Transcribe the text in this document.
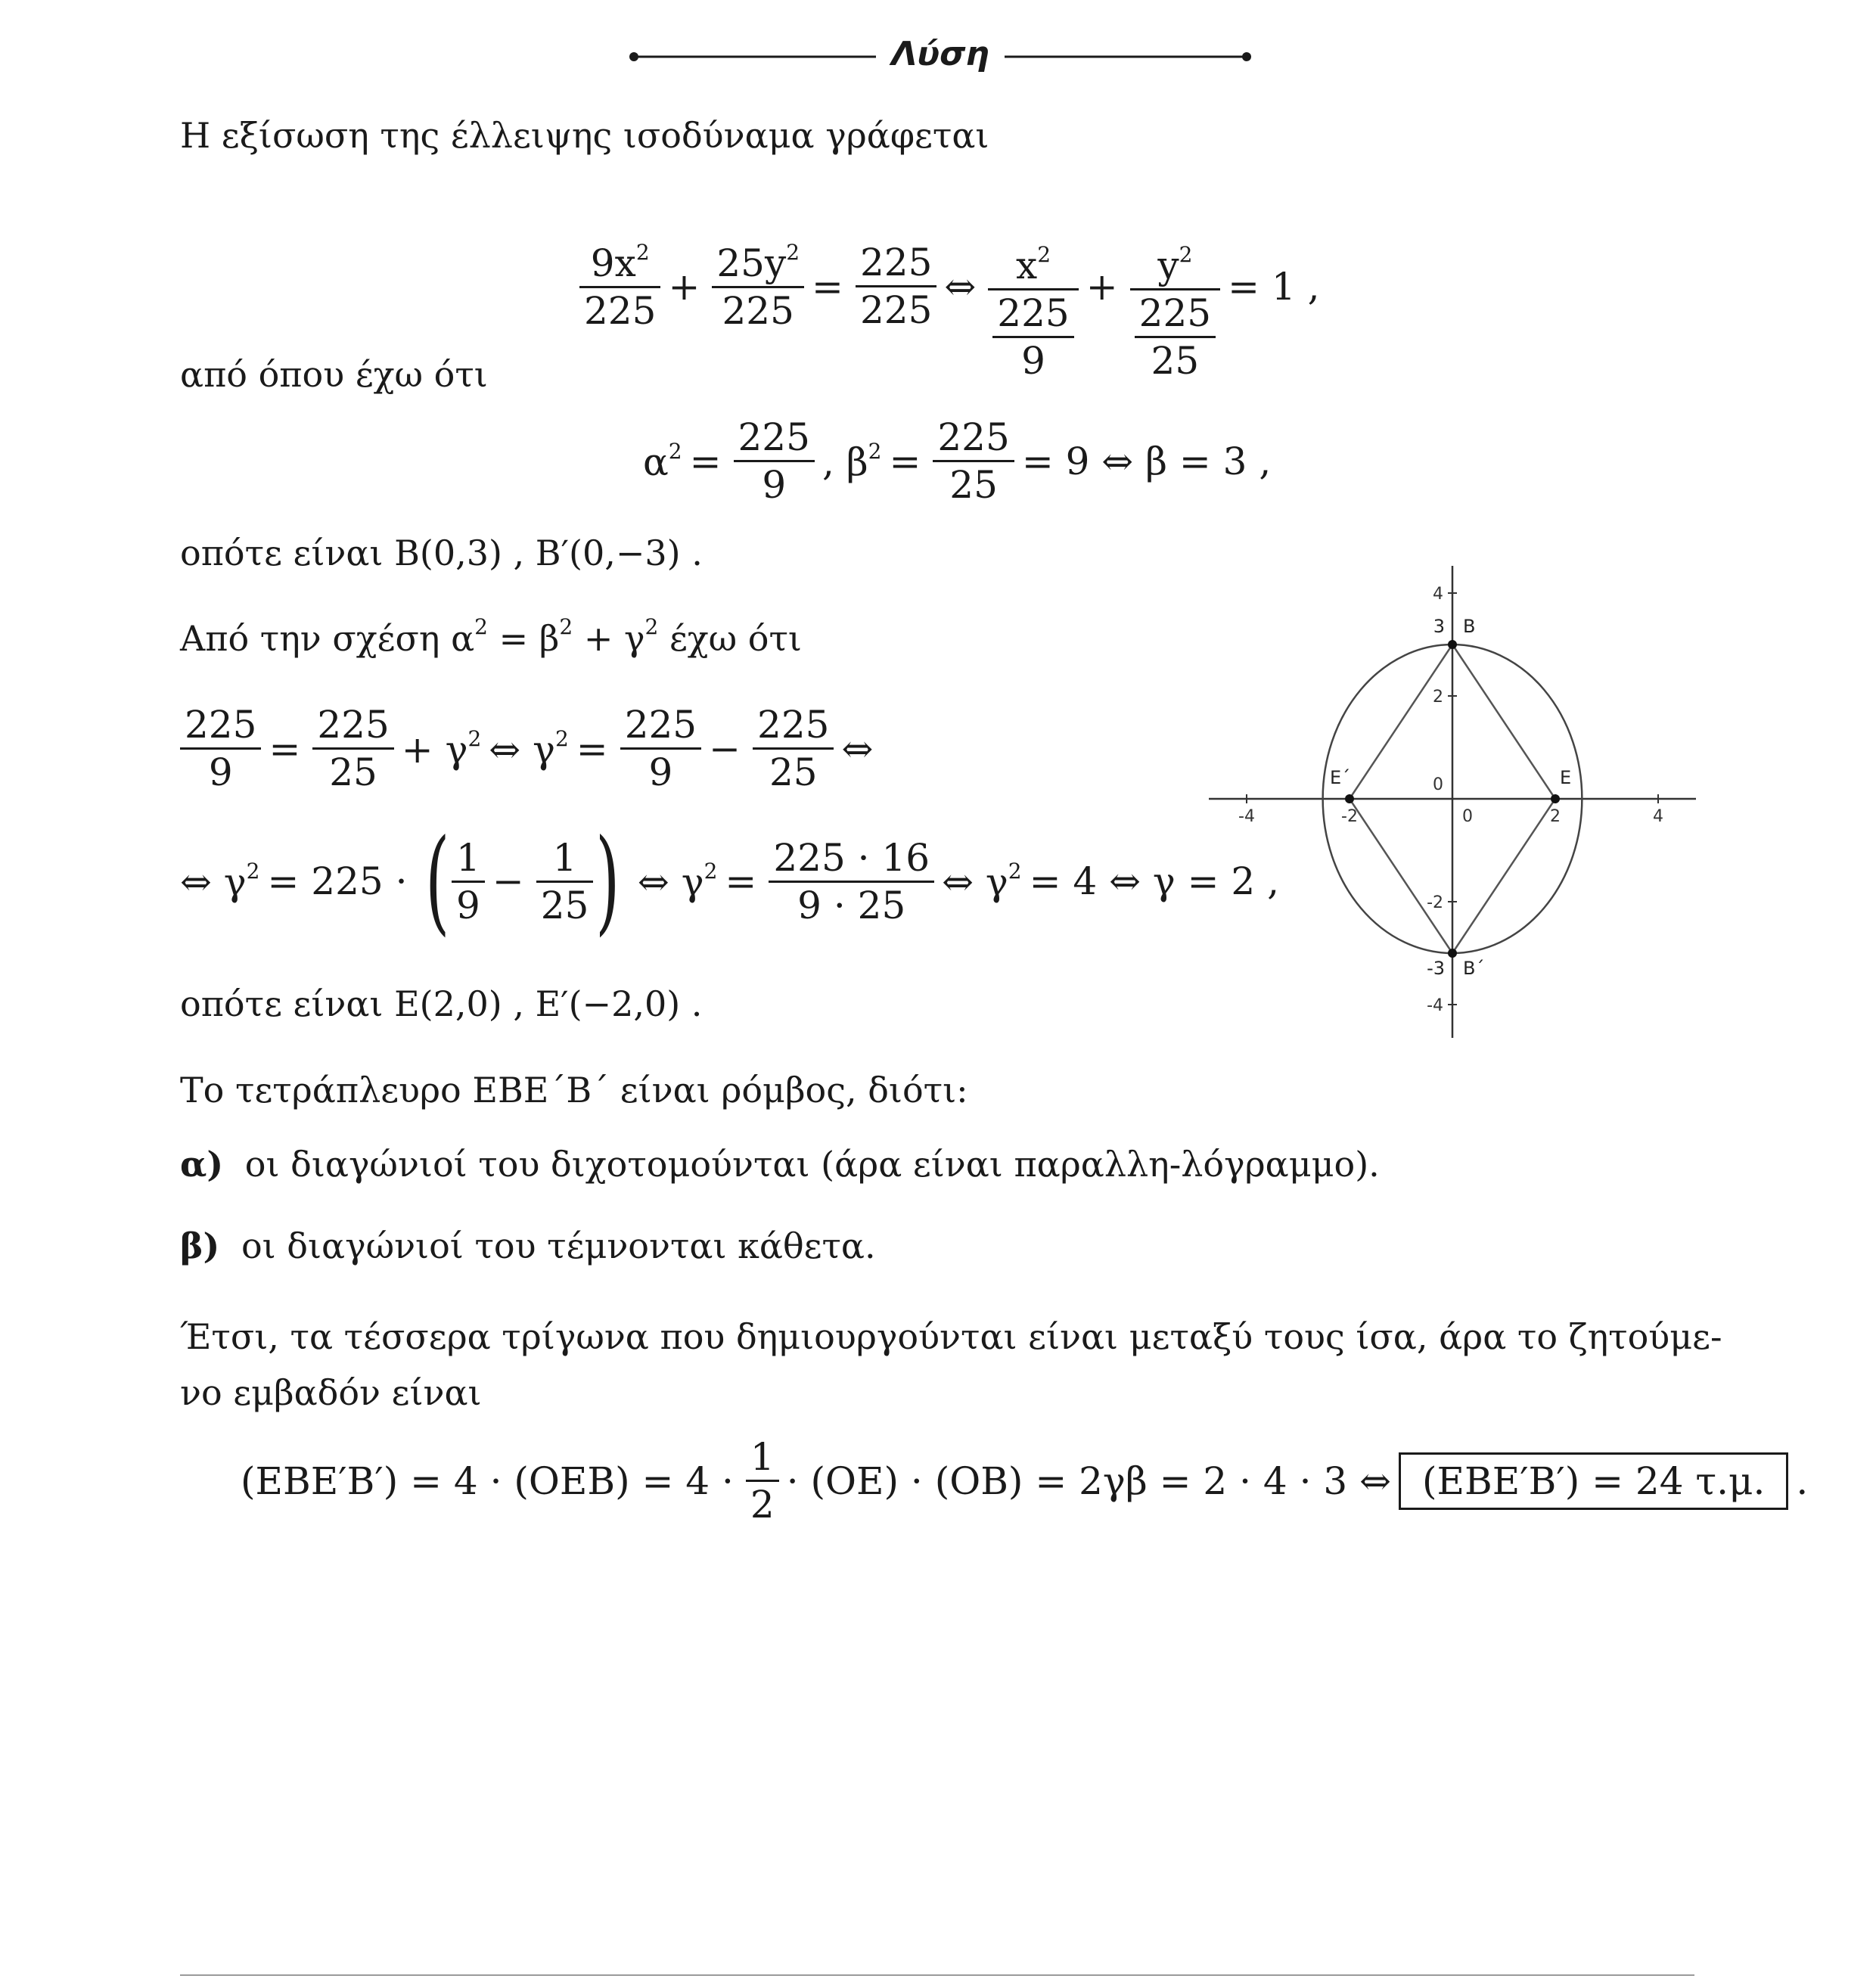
Λύση
Η εξίσωση της έλλειψης ισοδύναμα γράφεται
$\frac{9x^2}{225} + \frac{25y^2}{225} = \frac{225}{225}$ ⇔ $x^2$
225
$9 + y^2$
225
25 = 1 ,
από όπου έχω ότι
$\alpha^2 = \frac{225}{9}$ , $\beta^2 = \frac{225}{25} = 9$ ⇔ β = 3 ,
οπότε είναι B(0,3) , B′(0,−3) .
Από την σχέση $\alpha^2 = \beta^2 + \gamma^2$ έχω ότι
$\frac{225}{9} = \frac{225}{25} + \gamma^2$ ⇔ $\gamma^2 = \frac{225}{9} - \frac{225}{25}$ ⇔
⇔ $\gamma^2 = 225$ · ( $\frac{1}{9} - \frac{1}{25}$ ) ⇔ $\gamma^2 = \frac{225 \cdot 16}{9 \cdot 25}$ ⇔ $\gamma^2 = 4$ ⇔ γ = 2 ,
οπότε είναι E(2,0) , E′(−2,0) .
Το τετράπλευρο ΕΒΕ΄Β΄ είναι ρόμβος, διότι:
α) οι διαγώνιοί του διχοτομούνται (άρα είναι παραλλη-λόγραμμο).
β) οι διαγώνιοί του τέμνονται κάθετα.
Έτσι, τα τέσσερα τρίγωνα που δημιουργούνται είναι μεταξύ τους ίσα, άρα το ζητούμε-
νο εμβαδόν είναι
$(EBE'B') = 4 \cdot (OEB) = 4 \cdot \frac{1}{2} \cdot (OE) \cdot (OB) = 2\gamma\beta = 2 \cdot 4 \cdot 3$ ⇔ (EBE′B′) = 24 τ.μ. .
-4	-2	0	2	4
4
2
0
-2
-4
B
3
B΄
-3
E
E΄
